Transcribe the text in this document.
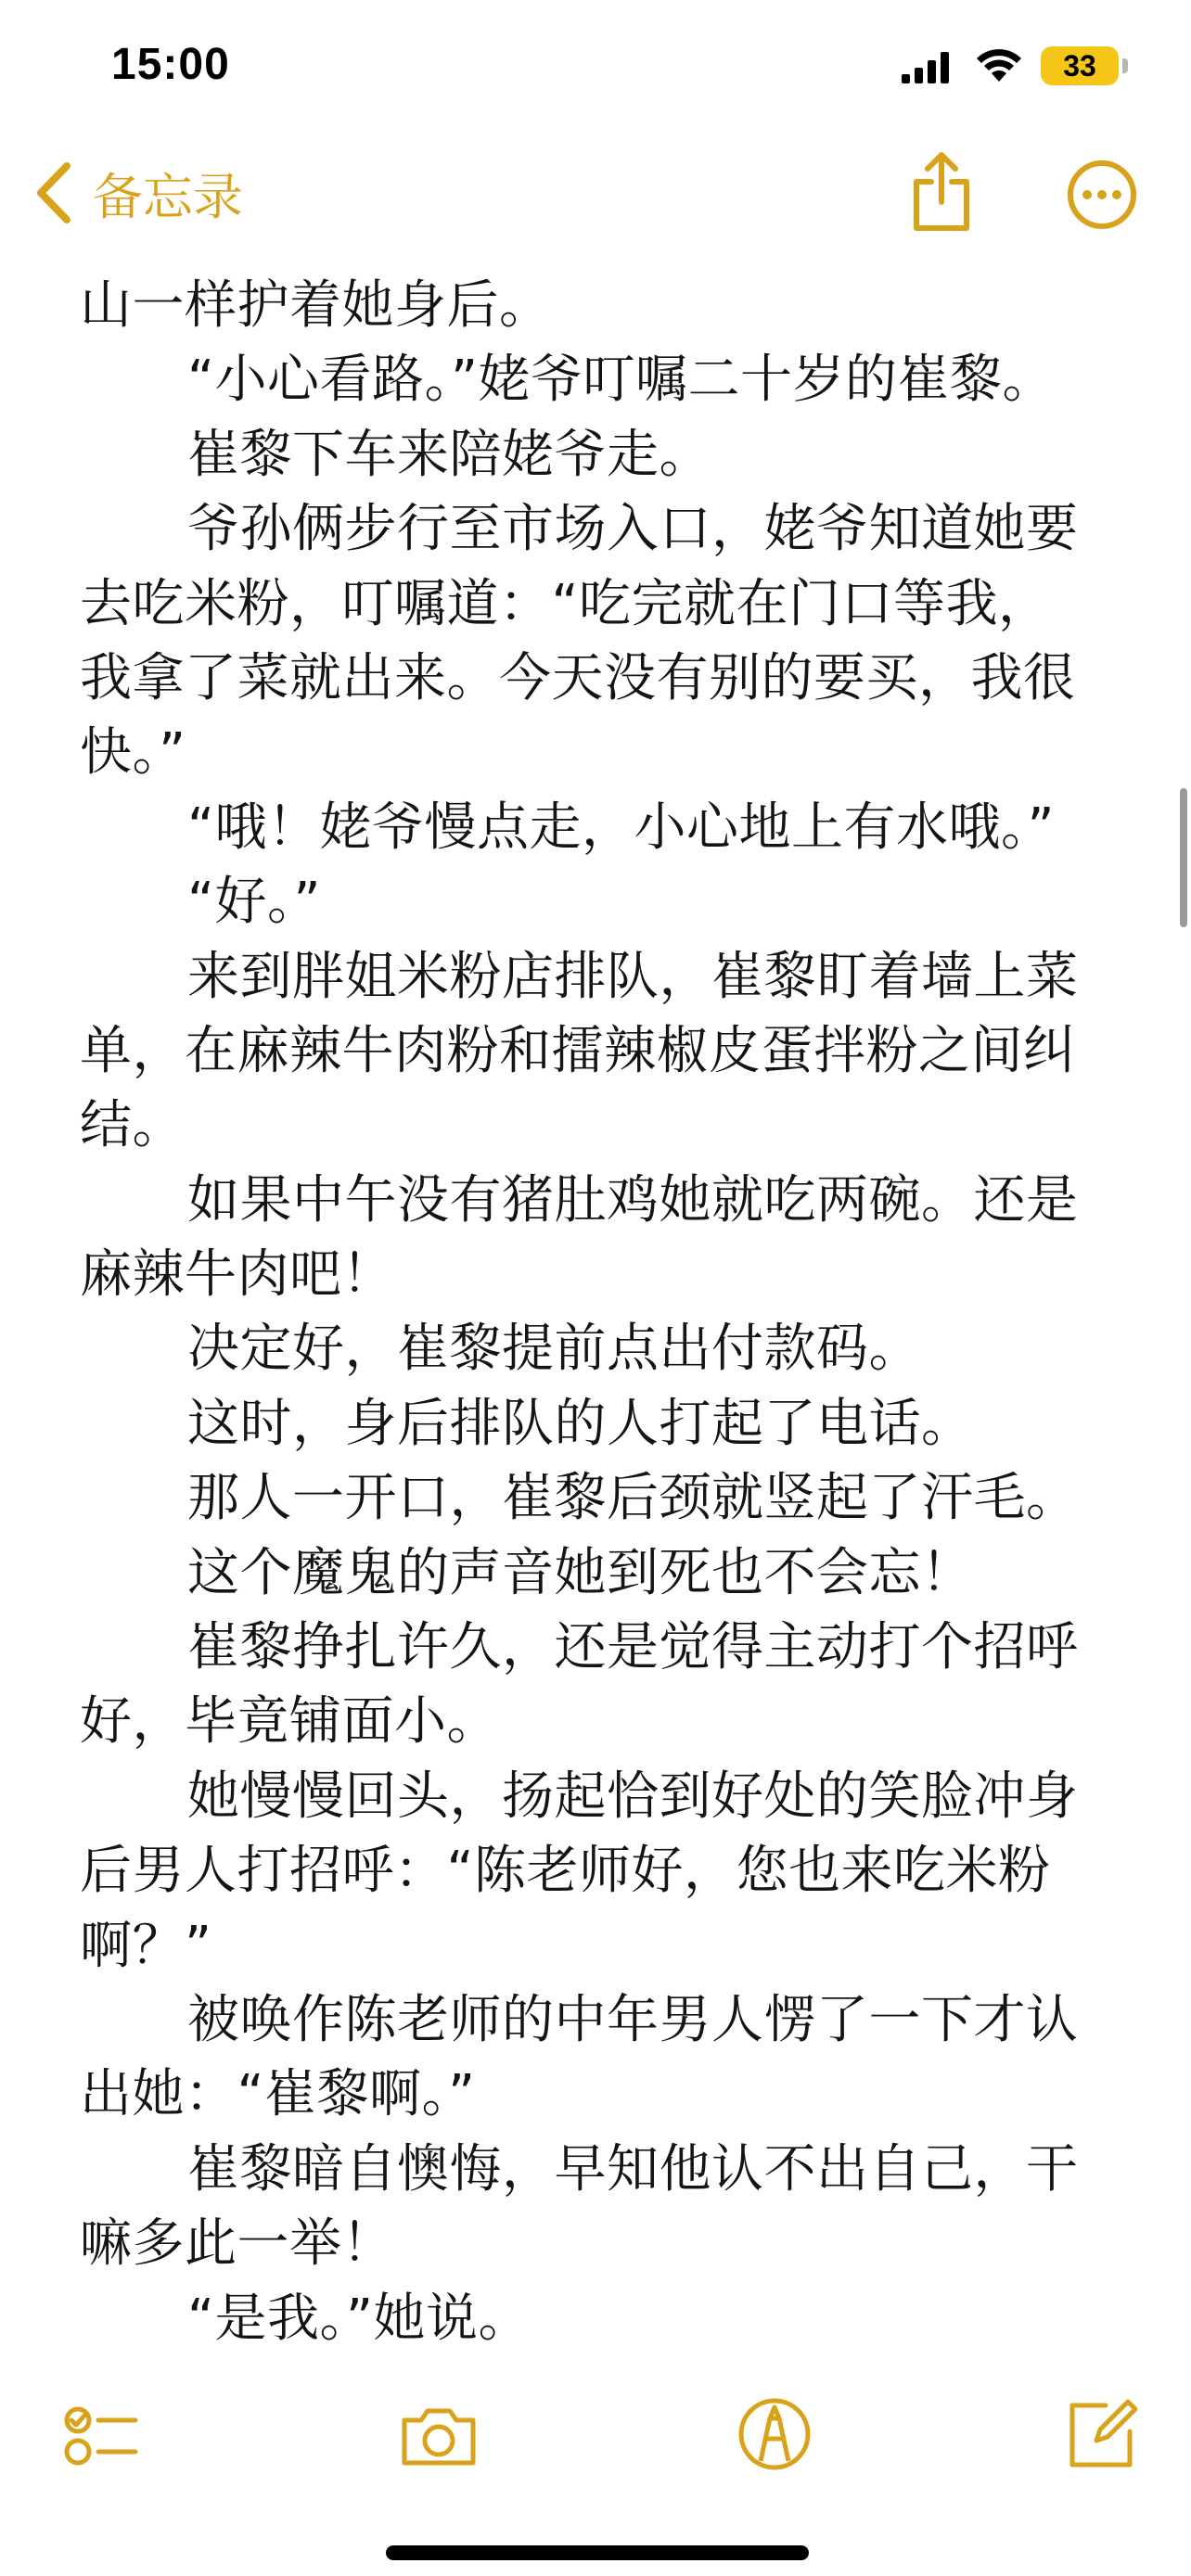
15:00	33
备忘录
山一样护着她身后。
“小心看路。”姥爷叮嘱二十岁的崔黎。
崔黎下车来陪姥爷走。
爷孙俩步行至市场入口，姥爷知道她要
去吃米粉，叮嘱道：“吃完就在门口等我，
我拿了菜就出来。今天没有别的要买，我很
快。”
“哦！姥爷慢点走，小心地上有水哦。”
“好。”
来到胖姐米粉店排队，崔黎盯着墙上菜
单，在麻辣牛肉粉和擂辣椒皮蛋拌粉之间纠
结。
如果中午没有猪肚鸡她就吃两碗。还是
麻辣牛肉吧！
决定好，崔黎提前点出付款码。
这时，身后排队的人打起了电话。
那人一开口，崔黎后颈就竖起了汗毛。
这个魔鬼的声音她到死也不会忘！
崔黎挣扎许久，还是觉得主动打个招呼
好，毕竟铺面小。
她慢慢回头，扬起恰到好处的笑脸冲身
后男人打招呼：“陈老师好，您也来吃米粉
啊？”
被唤作陈老师的中年男人愣了一下才认
出她：“崔黎啊。”
崔黎暗自懊悔，早知他认不出自己，干
嘛多此一举！
“是我。”她说。
